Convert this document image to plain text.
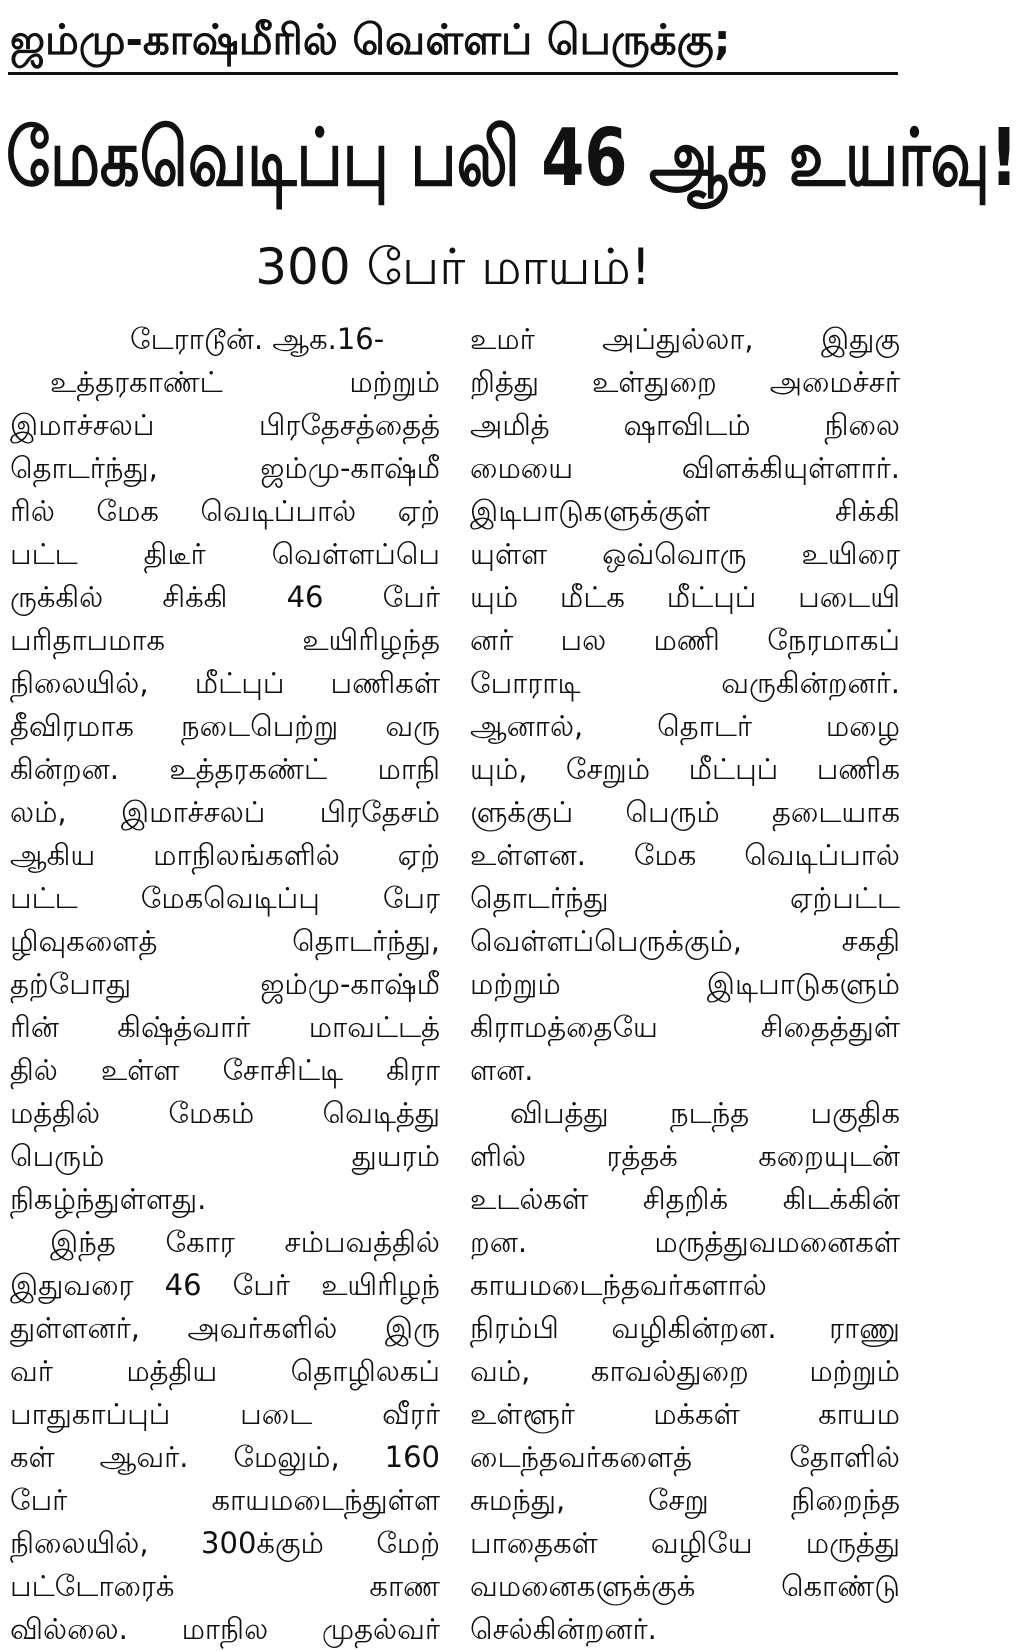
ஜம்மு-காஷ்மீரில் வெள்ளப் பெருக்கு;
மேகவெடிப்பு பலி 46 ஆக உயர்வு!
300 பேர் மாயம்!
டேராடூன். ஆக.16-
உத்தரகாண்ட் மற்றும்
இமாச்சலப் பிரதேசத்தைத்
தொடர்ந்து, ஜம்மு-காஷ்மீ
ரில் மேக வெடிப்பால் ஏற்
பட்ட திடீர் வெள்ளப்பெ
ருக்கில் சிக்கி 46 பேர்
பரிதாபமாக உயிரிழந்த
நிலையில், மீட்புப் பணிகள்
தீவிரமாக நடைபெற்று வரு
கின்றன. உத்தரகண்ட் மாநி
லம், இமாச்சலப் பிரதேசம்
ஆகிய மாநிலங்களில் ஏற்
பட்ட மேகவெடிப்பு பேர
ழிவுகளைத் தொடர்ந்து,
தற்போது ஜம்மு-காஷ்மீ
ரின் கிஷ்த்வார் மாவட்டத்
தில் உள்ள சோசிட்டி கிரா
மத்தில் மேகம் வெடித்து
பெரும் துயரம்
நிகழ்ந்துள்ளது.
இந்த கோர சம்பவத்தில்
இதுவரை 46 பேர் உயிரிழந்
துள்ளனர், அவர்களில் இரு
வர் மத்திய தொழிலகப்
பாதுகாப்புப் படை வீரர்
கள் ஆவர். மேலும், 160
பேர் காயமடைந்துள்ள
நிலையில், 300க்கும் மேற்
பட்டோரைக் காண
வில்லை. மாநில முதல்வர்
உமர் அப்துல்லா, இதுகு
றித்து உள்துறை அமைச்சர்
அமித் ஷாவிடம் நிலை
மையை விளக்கியுள்ளார்.
இடிபாடுகளுக்குள் சிக்கி
யுள்ள ஒவ்வொரு உயிரை
யும் மீட்க மீட்புப் படையி
னர் பல மணி நேரமாகப்
போராடி வருகின்றனர்.
ஆனால், தொடர் மழை
யும், சேறும் மீட்புப் பணிக
ளுக்குப் பெரும் தடையாக
உள்ளன. மேக வெடிப்பால்
தொடர்ந்து ஏற்பட்ட
வெள்ளப்பெருக்கும், சகதி
மற்றும் இடிபாடுகளும்
கிராமத்தையே சிதைத்துள்
ளன.
விபத்து நடந்த பகுதிக
ளில் ரத்தக் கறையுடன்
உடல்கள் சிதறிக் கிடக்கின்
றன. மருத்துவமனைகள்
காயமடைந்தவர்களால்
நிரம்பி வழிகின்றன. ராணு
வம், காவல்துறை மற்றும்
உள்ளூர் மக்கள் காயம
டைந்தவர்களைத் தோளில்
சுமந்து, சேறு நிறைந்த
பாதைகள் வழியே மருத்து
வமனைகளுக்குக் கொண்டு
செல்கின்றனர்.
